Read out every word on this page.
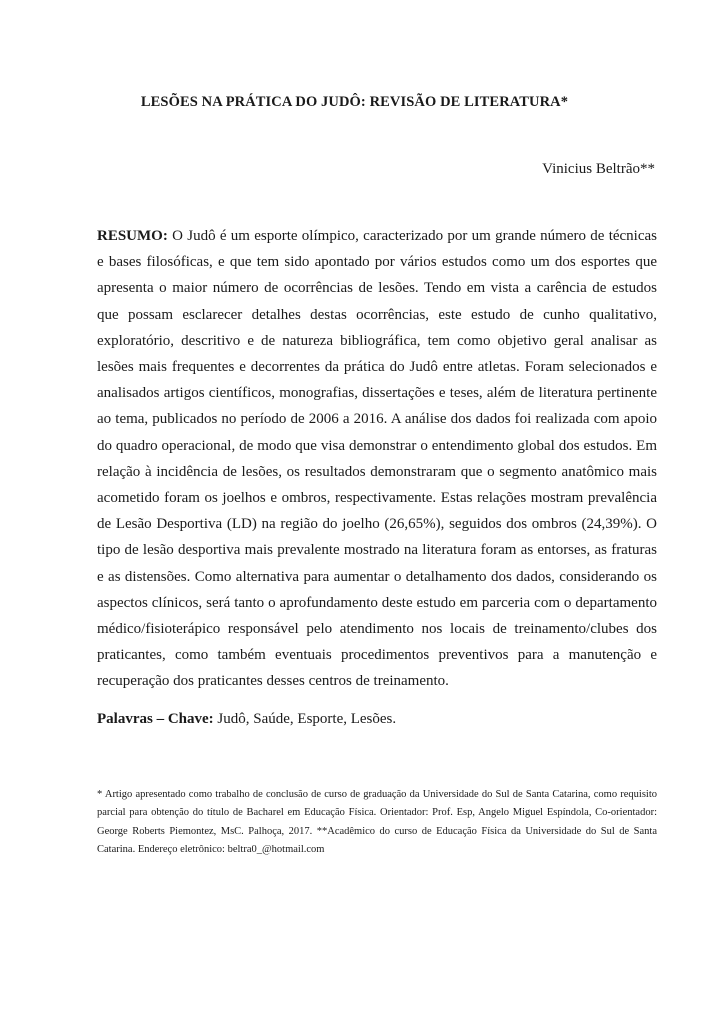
LESÕES NA PRÁTICA DO JUDÔ: REVISÃO DE LITERATURA*
Vinicius Beltrão**

RESUMO: O Judô é um esporte olímpico, caracterizado por um grande número de técnicas e bases filosóficas, e que tem sido apontado por vários estudos como um dos esportes que apresenta o maior número de ocorrências de lesões. Tendo em vista a carência de estudos que possam esclarecer detalhes destas ocorrências, este estudo de cunho qualitativo, exploratório, descritivo e de natureza bibliográfica, tem como objetivo geral analisar as lesões mais frequentes e decorrentes da prática do Judô entre atletas. Foram selecionados e analisados artigos científicos, monografias, dissertações e teses, além de literatura pertinente ao tema, publicados no período de 2006 a 2016. A análise dos dados foi realizada com apoio do quadro operacional, de modo que visa demonstrar o entendimento global dos estudos. Em relação à incidência de lesões, os resultados demonstraram que o segmento anatômico mais acometido foram os joelhos e ombros, respectivamente. Estas relações mostram prevalência de Lesão Desportiva (LD) na região do joelho (26,65%), seguidos dos ombros (24,39%). O tipo de lesão desportiva mais prevalente mostrado na literatura foram as entorses, as fraturas e as distensões. Como alternativa para aumentar o detalhamento dos dados, considerando os aspectos clínicos, será tanto o aprofundamento deste estudo em parceria com o departamento médico/fisioterápico responsável pelo atendimento nos locais de treinamento/clubes dos praticantes, como também eventuais procedimentos preventivos para a manutenção e recuperação dos praticantes desses centros de treinamento.

Palavras – Chave: Judô, Saúde, Esporte, Lesões.

* Artigo apresentado como trabalho de conclusão de curso de graduação da Universidade do Sul de Santa Catarina, como requisito parcial para obtenção do título de Bacharel em Educação Física. Orientador: Prof. Esp, Angelo Miguel Espíndola, Co-orientador: George Roberts Piemontez, MsC. Palhoça, 2017. **Acadêmico do curso de Educação Física da Universidade do Sul de Santa Catarina. Endereço eletrônico: beltra0_@hotmail.com
